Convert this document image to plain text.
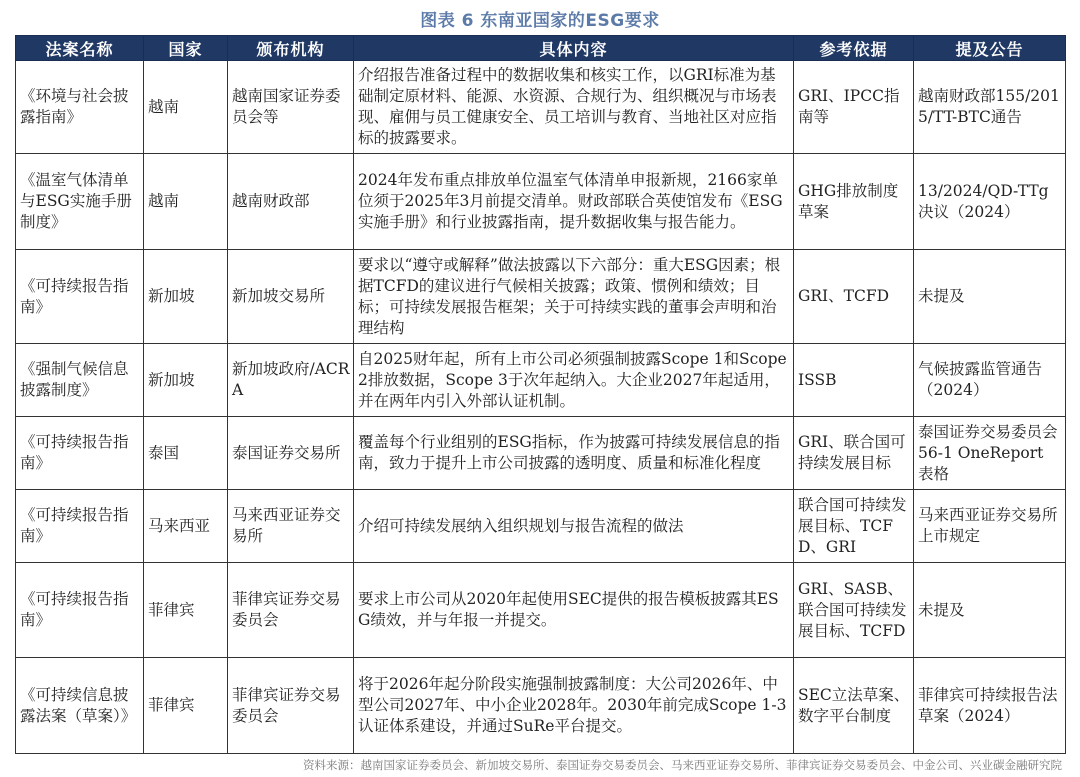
图表 6 东南亚国家的ESG要求
法案名称	国家	颁布机构	具体内容	参考依据	提及公告
《环境与社会披露指南》	越南	越南国家证券委员会等	介绍报告准备过程中的数据收集和核实工作，以GRI标准为基础制定原材料、能源、水资源、合规行为、组织概况与市场表现、雇佣与员工健康安全、员工培训与教育、当地社区对应指标的披露要求。	GRI、IPCC指南等	越南财政部155/2015/TT-BTC通告
《温室气体清单与ESG实施手册制度》	越南	越南财政部	2024年发布重点排放单位温室气体清单申报新规，2166家单位须于2025年3月前提交清单。财政部联合英使馆发布《ESG实施手册》和行业披露指南，提升数据收集与报告能力。	GHG排放制度草案	13/2024/QD-TTg决议（2024）
《可持续报告指南》	新加坡	新加坡交易所	要求以“遵守或解释”做法披露以下六部分：重大ESG因素；根据TCFD的建议进行气候相关披露；政策、惯例和绩效；目标；可持续发展报告框架；关于可持续实践的董事会声明和治理结构	GRI、TCFD	未提及
《强制气候信息披露制度》	新加坡	新加坡政府/ACRA	自2025财年起，所有上市公司必须强制披露Scope 1和Scope 2排放数据，Scope 3于次年起纳入。大企业2027年起适用，并在两年内引入外部认证机制。	ISSB	气候披露监管通告（2024）
《可持续报告指南》	泰国	泰国证券交易所	覆盖每个行业组别的ESG指标，作为披露可持续发展信息的指南，致力于提升上市公司披露的透明度、质量和标准化程度	GRI、联合国可持续发展目标	泰国证券交易委员会56-1 OneReport 表格
《可持续报告指南》	马来西亚	马来西亚证券交易所	介绍可持续发展纳入组织规划与报告流程的做法	联合国可持续发展目标、TCFD、GRI	马来西亚证券交易所上市规定
《可持续报告指南》	菲律宾	菲律宾证券交易委员会	要求上市公司从2020年起使用SEC提供的报告模板披露其ESG绩效，并与年报一并提交。	GRI、SASB、联合国可持续发展目标、TCFD	未提及
《可持续信息披露法案（草案）》	菲律宾	菲律宾证券交易委员会	将于2026年起分阶段实施强制披露制度：大公司2026年、中型公司2027年、中小企业2028年。2030年前完成Scope 1-3认证体系建设，并通过SuRe平台提交。	SEC立法草案、数字平台制度	菲律宾可持续报告法草案（2024）
资料来源：越南国家证券委员会、新加坡交易所、泰国证券交易委员会、马来西亚证券交易所、菲律宾证券交易委员会、中金公司、兴业碳金融研究院
